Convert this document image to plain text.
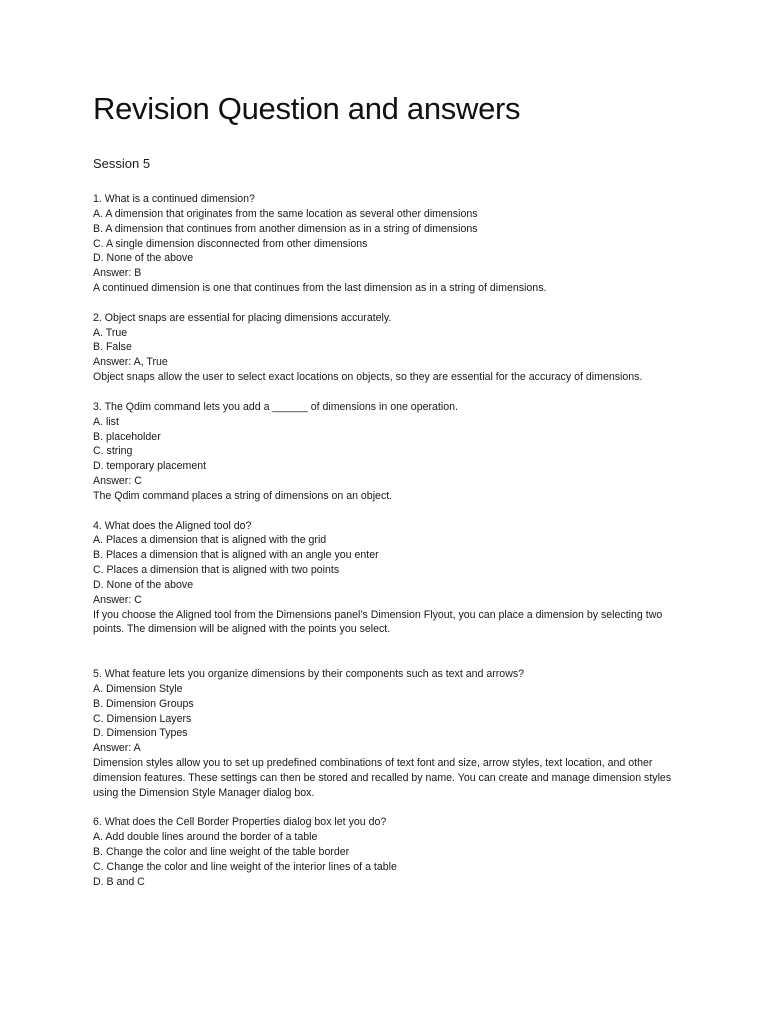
Revision Question and answers
Session 5
1. What is a continued dimension?
A. A dimension that originates from the same location as several other dimensions
B. A dimension that continues from another dimension as in a string of dimensions
C. A single dimension disconnected from other dimensions
D. None of the above
Answer: B
A continued dimension is one that continues from the last dimension as in a string of dimensions.
2. Object snaps are essential for placing dimensions accurately.
A. True
B. False
Answer: A, True
Object snaps allow the user to select exact locations on objects, so they are essential for the accuracy of dimensions.
3. The Qdim command lets you add a ______ of dimensions in one operation.
A. list
B. placeholder
C. string
D. temporary placement
Answer: C
The Qdim command places a string of dimensions on an object.
4. What does the Aligned tool do?
A. Places a dimension that is aligned with the grid
B. Places a dimension that is aligned with an angle you enter
C. Places a dimension that is aligned with two points
D. None of the above
Answer: C
If you choose the Aligned tool from the Dimensions panel’s Dimension Flyout, you can place a dimension by selecting two points. The dimension will be aligned with the points you select.
5. What feature lets you organize dimensions by their components such as text and arrows?
A. Dimension Style
B. Dimension Groups
C. Dimension Layers
D. Dimension Types
Answer: A
Dimension styles allow you to set up predefined combinations of text font and size, arrow styles, text location, and other dimension features. These settings can then be stored and recalled by name. You can create and manage dimension styles using the Dimension Style Manager dialog box.
6. What does the Cell Border Properties dialog box let you do?
A. Add double lines around the border of a table
B. Change the color and line weight of the table border
C. Change the color and line weight of the interior lines of a table
D. B and C
